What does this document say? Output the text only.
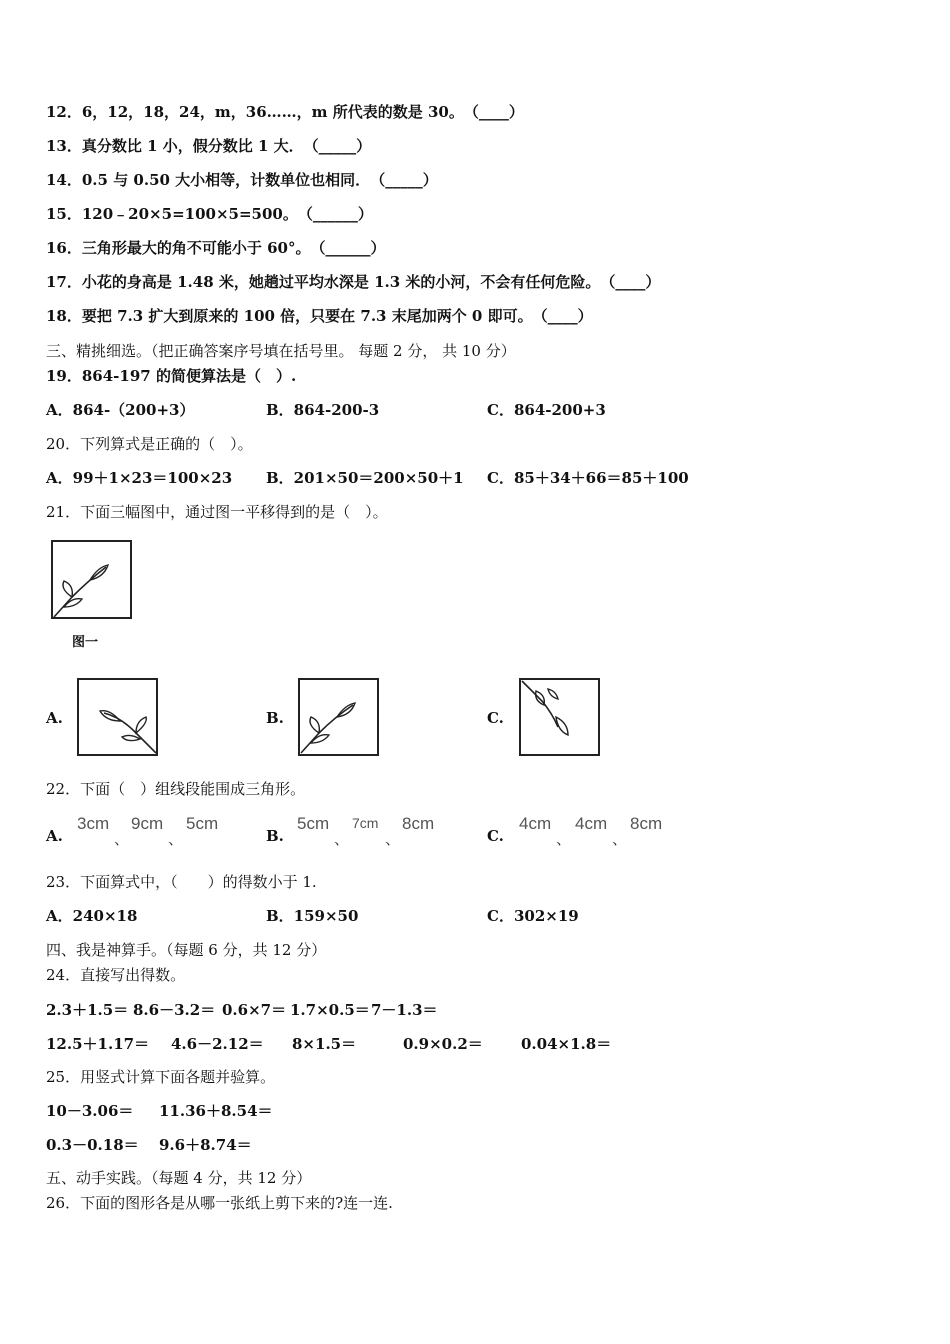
12．6，12，18，24，m，36……，m 所代表的数是 30。　 （____）
13．真分数比 1 小，假分数比 1 大．　 （_____）
14．0.5 与 0.50 大小相等，计数单位也相同．　 （_____）
15．120﹣20×5=100×5=500。　 （______）
16．三角形最大的角不可能小于 60°。　 （______）
17．小花的身高是 1.48 米，她趟过平均水深是 1.3 米的小河，不会有任何危险。　 （____）
18．要把 7.3 扩大到原来的 100 倍，只要在 7.3 末尾加两个 0 即可。　 （____）
三、精挑细选。（把正确答案序号填在括号里。 每题 2 分， 共 10 分）
19．864-197 的简便算法是（　）.
A．864-（200+3）	B．864-200-3	C．864-200+3
20．下列算式是正确的（　）。
A．99＋1×23＝100×23 B．201×50＝200×50＋1 C．85＋34＋66＝85＋100
21．下面三幅图中，通过图一平移得到的是（　）。
图一
A.	B.	C.
22．下面（　）组线段能围成三角形。
A.
3cm
、
9cm
、
5cm
B.
5cm
、
7cm
、
8cm
C.
4cm
、
4cm
、
8cm
23．下面算式中，（　　）的得数小于 1.
A．240×18	B．159×50	C．302×19
四、我是神算手。（每题 6 分，共 12 分）
24．直接写出得数。
2.3＋1.5＝ 8.6－3.2＝ 0.6×7＝ 1.7×0.5＝ 7－1.3＝
12.5＋1.17＝ 4.6－2.12＝ 8×1.5＝	0.9×0.2＝	0.04×1.8＝
25．用竖式计算下面各题并验算。
10－3.06＝ 11.36＋8.54＝
0.3－0.18＝ 9.6＋8.74＝
五、动手实践。（每题 4 分，共 12 分）
26．下面的图形各是从哪一张纸上剪下来的?连一连.
